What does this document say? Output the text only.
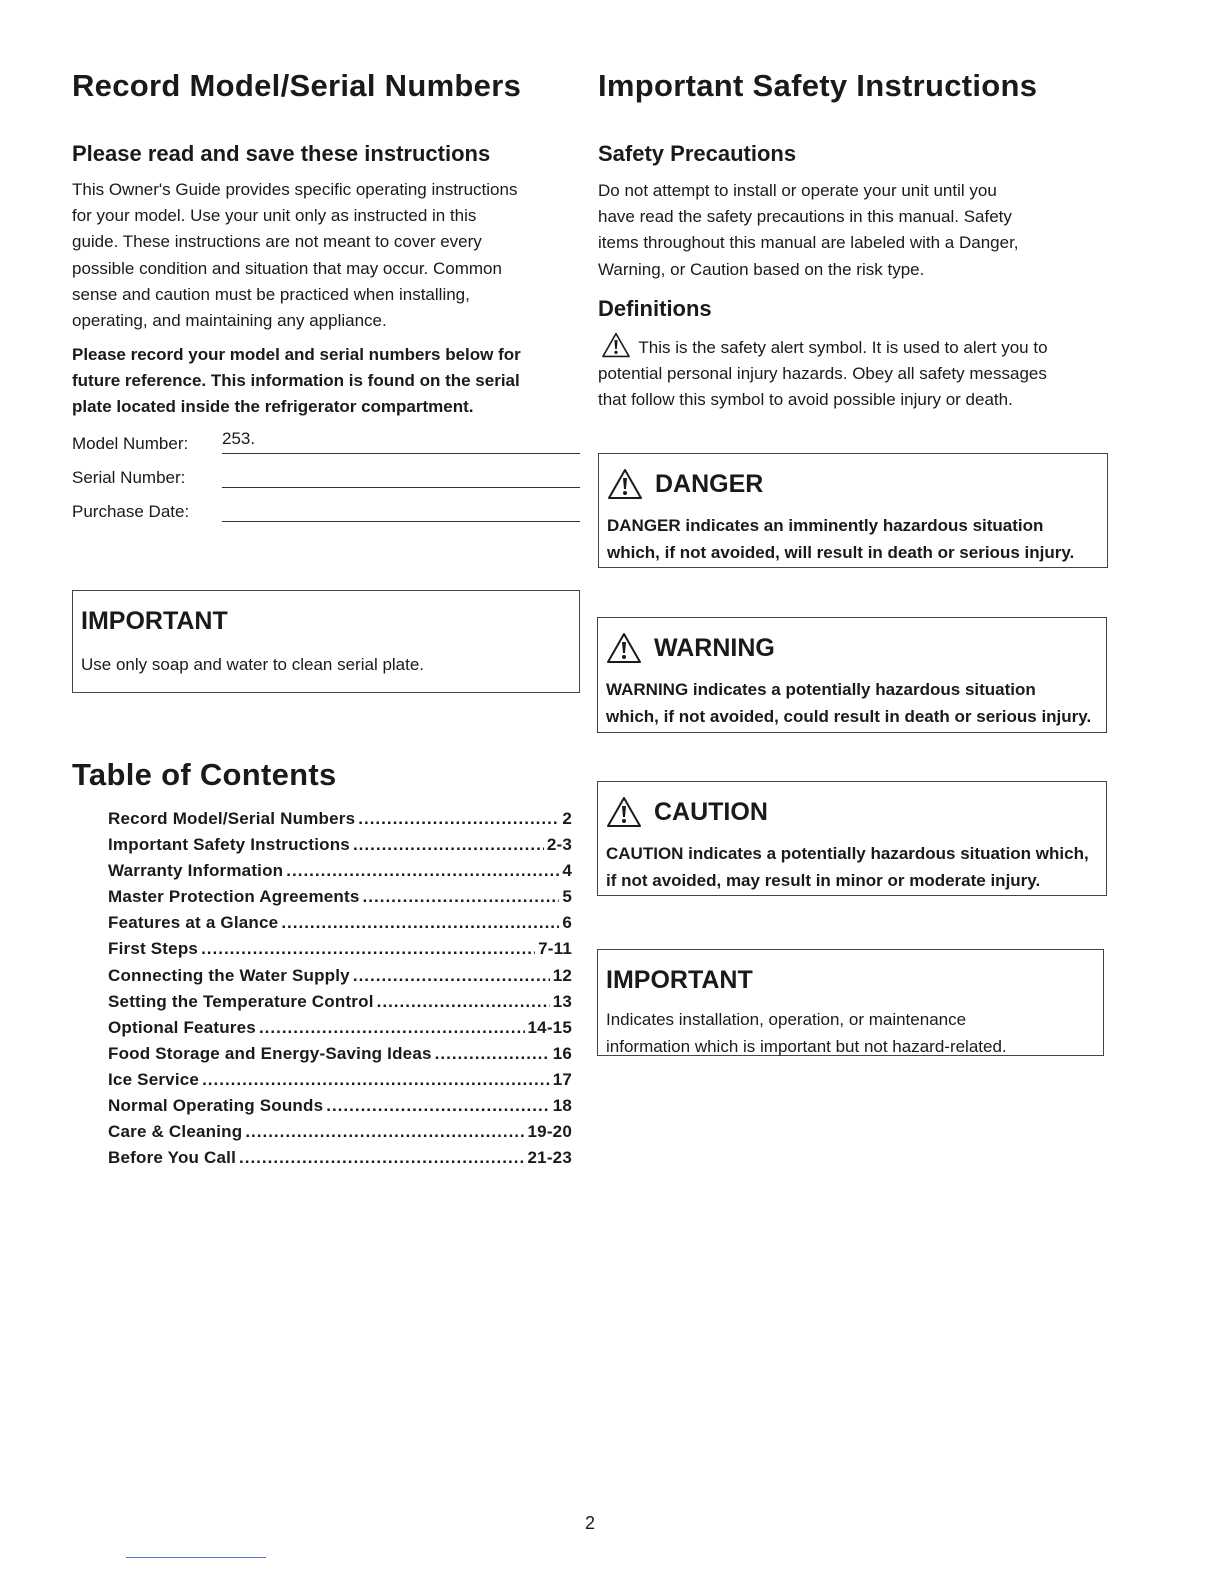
Record Model/Serial Numbers
Please read and save these instructions

This Owner's Guide provides specific operating instructions

for your model. Use your unit only as instructed in this

guide. These instructions are not meant to cover every

possible condition and situation that may occur. Common

sense and caution must be practiced when installing,

operating, and maintaining any appliance.

Please record your model and serial numbers below for

future reference. This information is found on the serial

plate located inside the refrigerator compartment.

Model Number:	253.
Serial Number:
Purchase Date:
IMPORTANT
Use only soap and water to clean serial plate.
Table of Contents
Record Model/Serial Numbers .....	2
Important Safety Instructions .....	2-3
Warranty Information .....	4
Master Protection Agreements .....	5
Features at a Glance .....	6
First Steps .....	7-11
Connecting the Water Supply .....	12
Setting the Temperature Control .....	13
Optional Features .....	14-15
Food Storage and Energy-Saving Ideas .....	16
Ice Service .....	17
Normal Operating Sounds .....	18
Care & Cleaning .....	19-20
Before You Call .....	21-23
Important Safety Instructions
Safety Precautions

Do not attempt to install or operate your unit until you

have read the safety precautions in this manual. Safety

items throughout this manual are labeled with a Danger,

Warning, or Caution based on the risk type.

Definitions

This is the safety alert symbol. It is used to alert you to

potential personal injury hazards. Obey all safety messages

that follow this symbol to avoid possible injury or death.

DANGER
DANGER indicates an imminently hazardous situation
which, if not avoided, will result in death or serious injury.
WARNING
WARNING indicates a potentially hazardous situation
which, if not avoided, could result in death or serious injury.
CAUTION
CAUTION indicates a potentially hazardous situation which,
if not avoided, may result in minor or moderate injury.
IMPORTANT
Indicates installation, operation, or maintenance
information which is important but not hazard-related.
2
